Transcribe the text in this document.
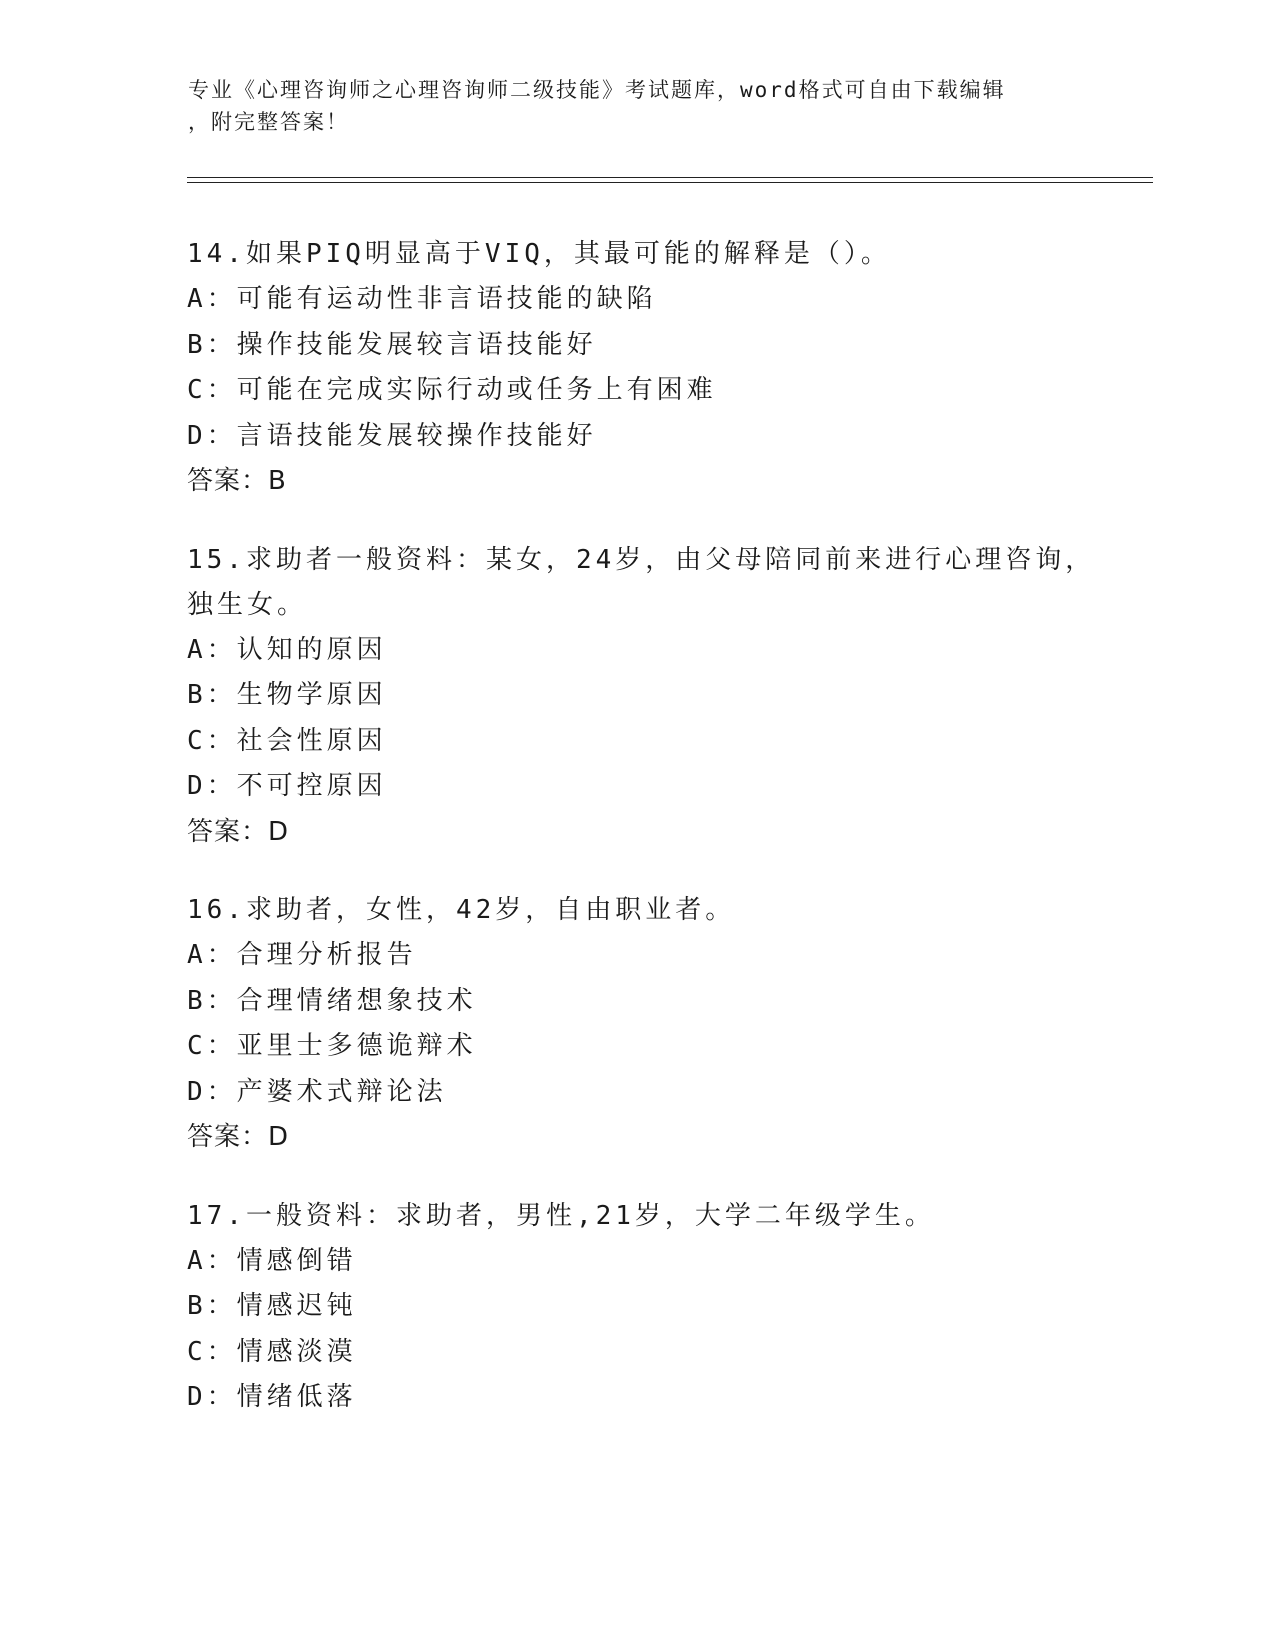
专业《心理咨询师之心理咨询师二级技能》考试题库，word格式可自由下载编辑
，附完整答案！
14.如果PIQ明显高于VIQ，其最可能的解释是（）。
A：可能有运动性非言语技能的缺陷
B：操作技能发展较言语技能好
C：可能在完成实际行动或任务上有困难
D：言语技能发展较操作技能好
答案：B
15.求助者一般资料：某女，24岁，由父母陪同前来进行心理咨询，独生女。
A：认知的原因
B：生物学原因
C：社会性原因
D：不可控原因
答案：D
16.求助者，女性，42岁，自由职业者。
A：合理分析报告
B：合理情绪想象技术
C：亚里士多德诡辩术
D：产婆术式辩论法
答案：D
17.一般资料：求助者，男性,21岁，大学二年级学生。
A：情感倒错
B：情感迟钝
C：情感淡漠
D：情绪低落
